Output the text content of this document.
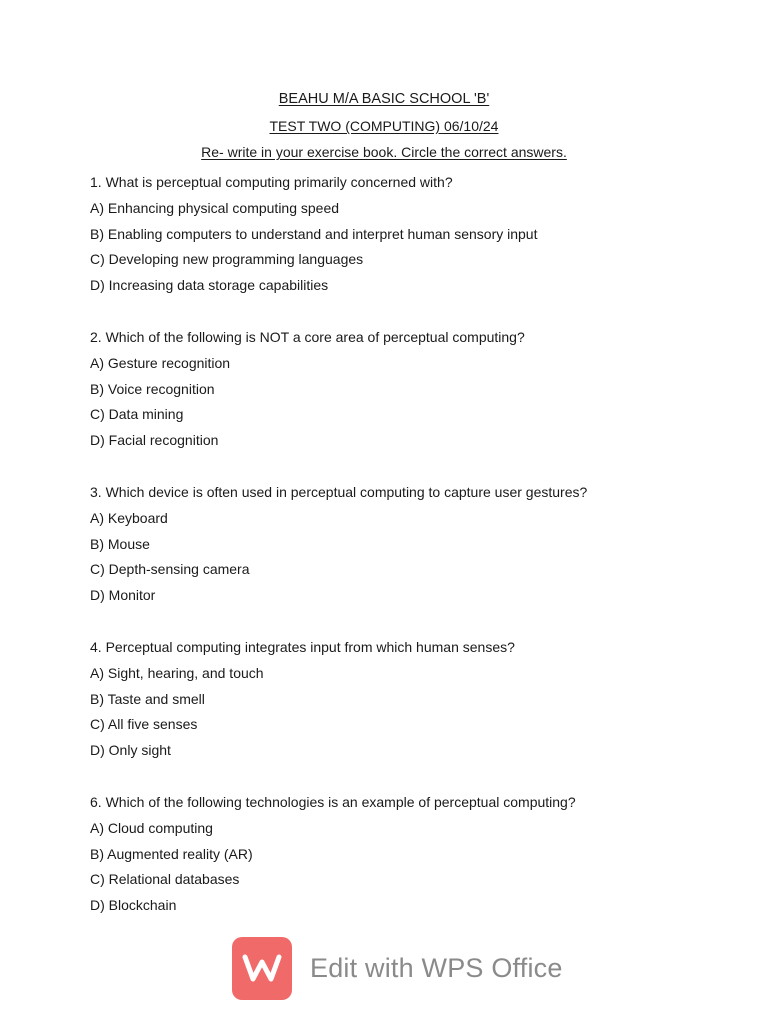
BEAHU M/A BASIC SCHOOL 'B'
TEST TWO (COMPUTING) 06/10/24
Re- write in your exercise book. Circle the correct answers.
1. What is perceptual computing primarily concerned with?
A) Enhancing physical computing speed
B) Enabling computers to understand and interpret human sensory input
C) Developing new programming languages
D) Increasing data storage capabilities
2. Which of the following is NOT a core area of perceptual computing?
A) Gesture recognition
B) Voice recognition
C) Data mining
D) Facial recognition
3. Which device is often used in perceptual computing to capture user gestures?
A) Keyboard
B) Mouse
C) Depth-sensing camera
D) Monitor
4. Perceptual computing integrates input from which human senses?
A) Sight, hearing, and touch
B) Taste and smell
C) All five senses
D) Only sight
6. Which of the following technologies is an example of perceptual computing?
A) Cloud computing
B) Augmented reality (AR)
C) Relational databases
D) Blockchain
Edit with WPS Office
